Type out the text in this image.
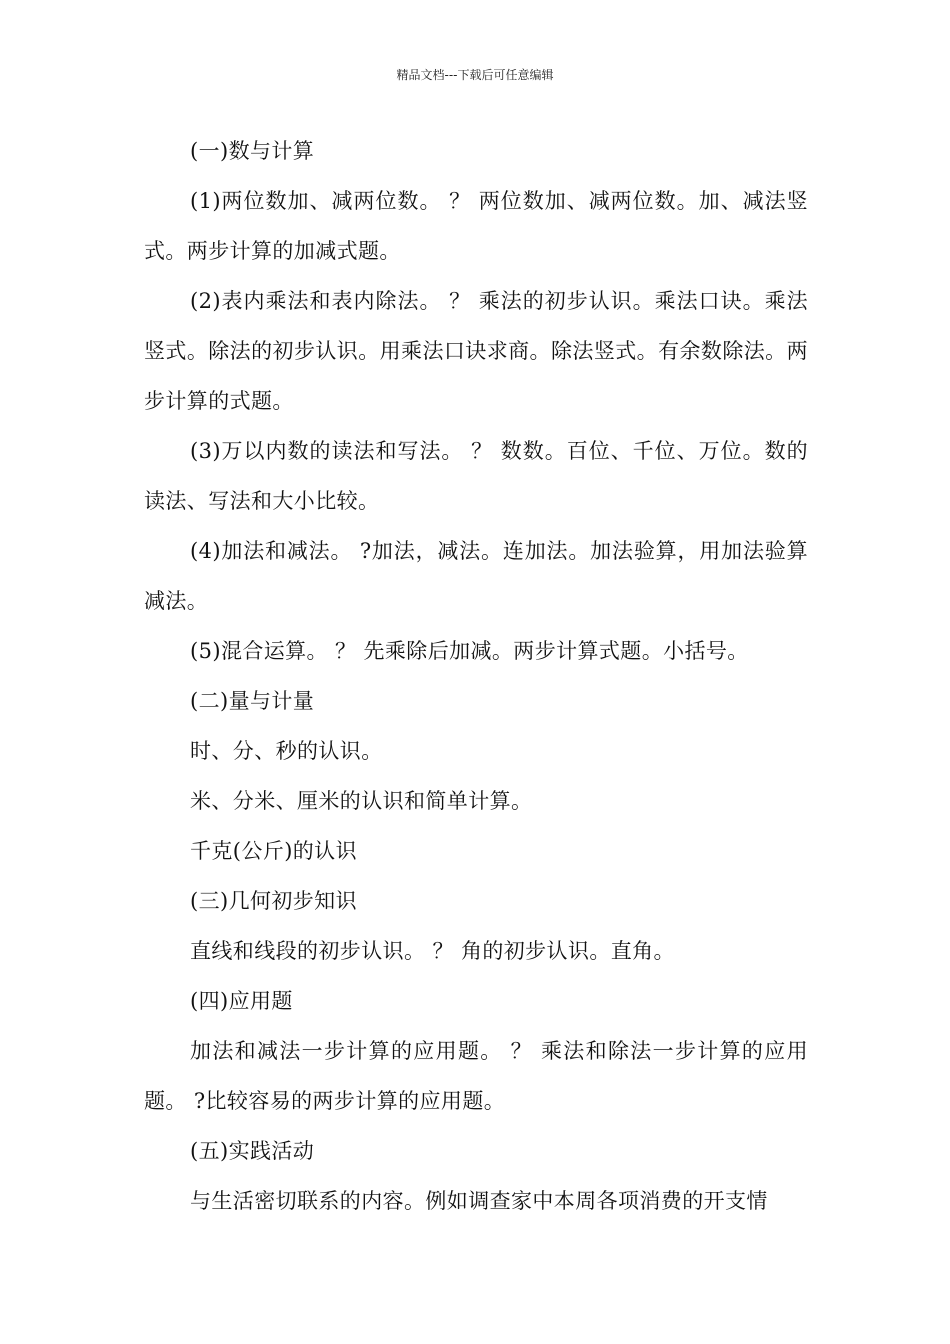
精品文档---下载后可任意编辑

(一)数与计算

(1)两位数加、减两位数。 ？ 两位数加、减两位数。加、减法竖式。两步计算的加减式题。

(2)表内乘法和表内除法。 ？ 乘法的初步认识。乘法口诀。乘法竖式。除法的初步认识。用乘法口诀求商。除法竖式。有余数除法。两步计算的式题。

(3)万以内数的读法和写法。 ？ 数数。百位、千位、万位。数的读法、写法和大小比较。

(4)加法和减法。 ?加法，减法。连加法。加法验算，用加法验算减法。

(5)混合运算。 ？ 先乘除后加减。两步计算式题。小括号。

(二)量与计量

时、分、秒的认识。

米、分米、厘米的认识和简单计算。

千克(公斤)的认识

(三)几何初步知识

直线和线段的初步认识。 ？ 角的初步认识。直角。

(四)应用题

加法和减法一步计算的应用题。 ？ 乘法和除法一步计算的应用题。 ?比较容易的两步计算的应用题。

(五)实践活动

与生活密切联系的内容。例如调查家中本周各项消费的开支情
